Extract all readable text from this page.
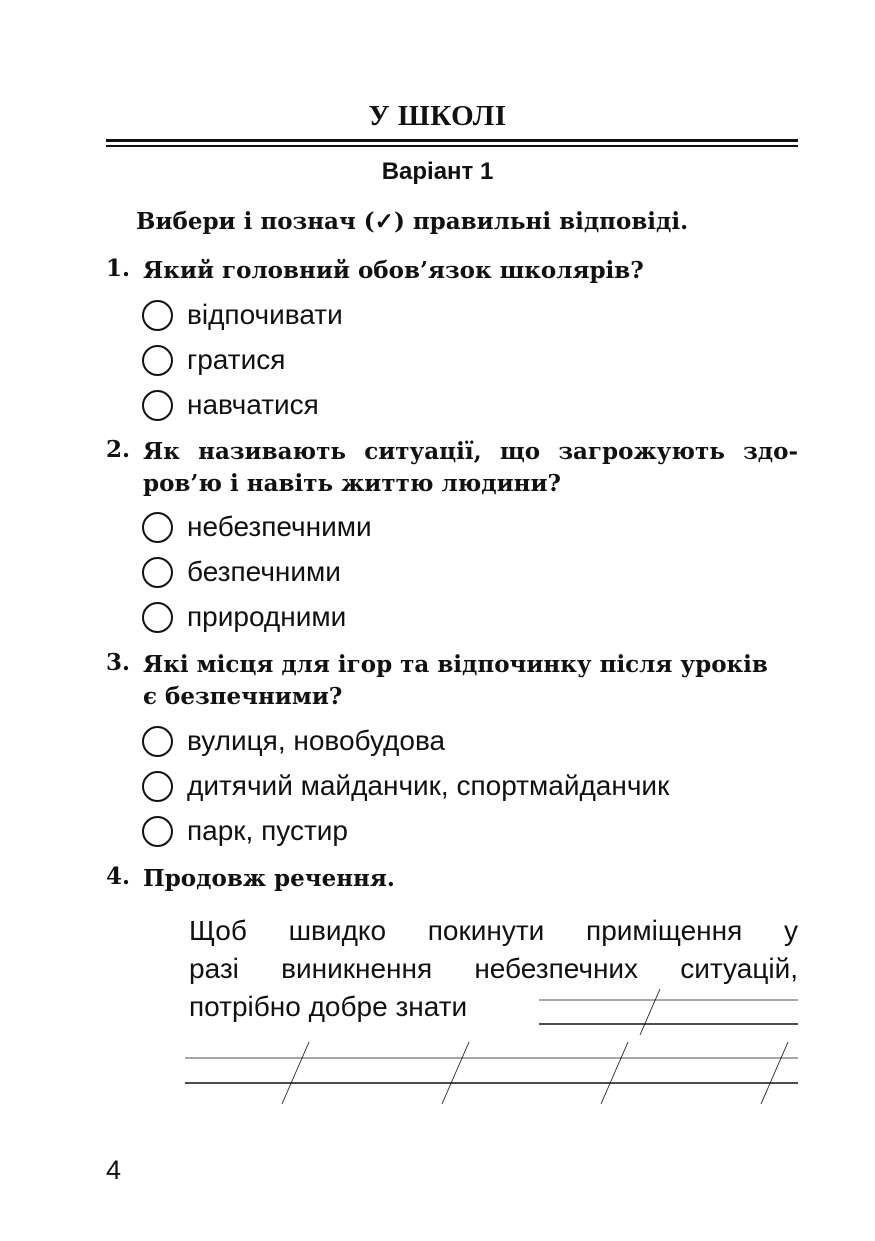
У ШКОЛІ
Варіант 1
Вибери і познач (✓) правильні відповіді.
1. Який головний обов’язок школярів?
відпочивати
гратися
навчатися
2. Як називають ситуації, що загрожують здо-
ров’ю і навіть життю людини?
небезпечними
безпечними
природними
3. Які місця для ігор та відпочинку після уроків
є безпечними?
вулиця, новобудова
дитячий майданчик, спортмайданчик
парк, пустир
4. Продовж речення.
Щоб швидко покинути приміщення у
разі виникнення небезпечних ситуацій,
потрібно добре знати
4
